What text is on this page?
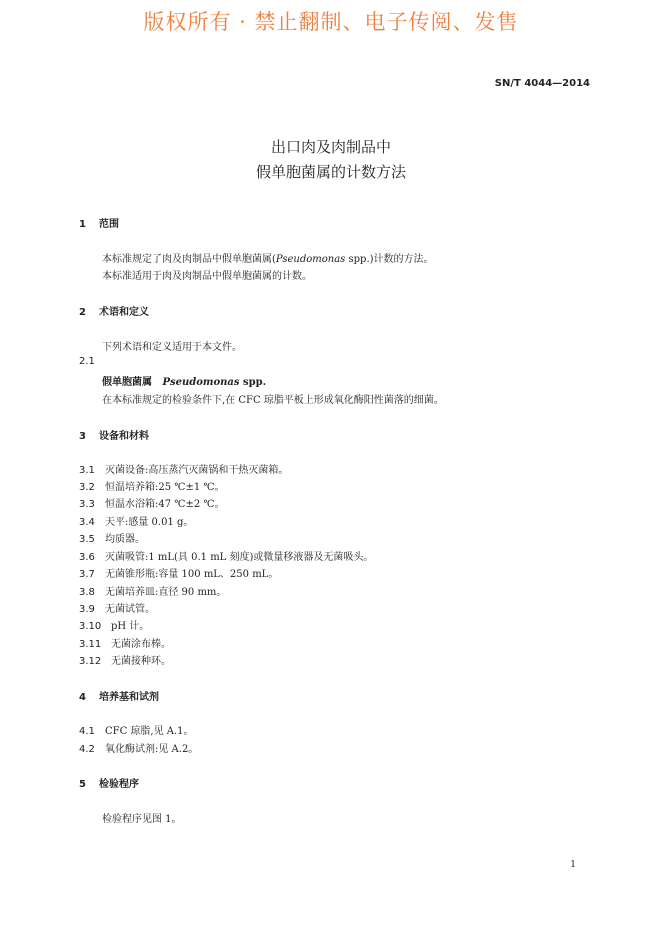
版权所有 · 禁止翻制、电子传阅、发售
SN/T 4044—2014
出口肉及肉制品中
假单胞菌属的计数方法
1 范围
本标准规定了肉及肉制品中假单胞菌属(Pseudomonas spp.)计数的方法。
本标准适用于肉及肉制品中假单胞菌属的计数。
2 术语和定义
下列术语和定义适用于本文件。
2.1
假单胞菌属 Pseudomonas spp.
在本标准规定的检验条件下,在 CFC 琼脂平板上形成氧化酶阳性菌落的细菌。
3 设备和材料
3.1 灭菌设备:高压蒸汽灭菌锅和干热灭菌箱。
3.2 恒温培养箱:25 ℃±1 ℃。
3.3 恒温水浴箱:47 ℃±2 ℃。
3.4 天平:感量 0.01 g。
3.5 均质器。
3.6 灭菌吸管:1 mL(具 0.1 mL 刻度)或微量移液器及无菌吸头。
3.7 无菌锥形瓶:容量 100 mL、250 mL。
3.8 无菌培养皿:直径 90 mm。
3.9 无菌试管。
3.10 pH 计。
3.11 无菌涂布棒。
3.12 无菌接种环。
4 培养基和试剂
4.1 CFC 琼脂,见 A.1。
4.2 氧化酶试剂:见 A.2。
5 检验程序
检验程序见图 1。
1
